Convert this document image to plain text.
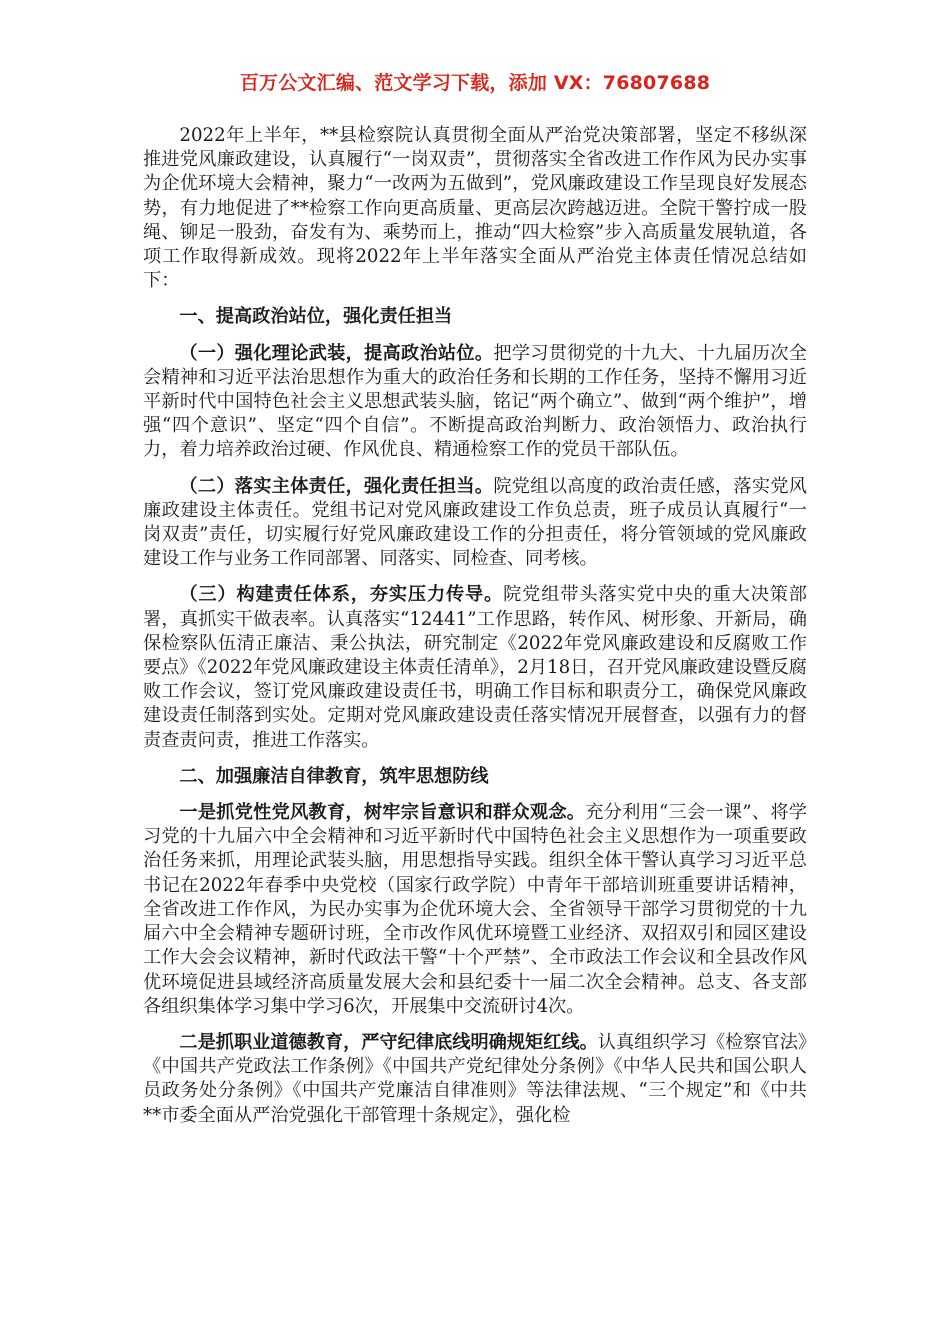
百万公文汇编、范文学习下载，添加 VX：76807688

2022年上半年，**县检察院认真贯彻全面从严治党决策部署，坚定不移纵深推进党风廉政建设，认真履行“一岗双责”，贯彻落实全省改进工作作风为民办实事为企优环境大会精神，聚力“一改两为五做到”，党风廉政建设工作呈现良好发展态势，有力地促进了**检察工作向更高质量、更高层次跨越迈进。全院干警拧成一股绳、铆足一股劲，奋发有为、乘势而上，推动“四大检察”步入高质量发展轨道，各项工作取得新成效。现将2022年上半年落实全面从严治党主体责任情况总结如下：

一、提高政治站位，强化责任担当

（一）强化理论武装，提高政治站位。把学习贯彻党的十九大、十九届历次全会精神和习近平法治思想作为重大的政治任务和长期的工作任务，坚持不懈用习近平新时代中国特色社会主义思想武装头脑，铭记“两个确立”、做到“两个维护”，增强“四个意识”、坚定“四个自信”。不断提高政治判断力、政治领悟力、政治执行力，着力培养政治过硬、作风优良、精通检察工作的党员干部队伍。

（二）落实主体责任，强化责任担当。院党组以高度的政治责任感，落实党风廉政建设主体责任。党组书记对党风廉政建设工作负总责，班子成员认真履行“一岗双责”责任，切实履行好党风廉政建设工作的分担责任，将分管领域的党风廉政建设工作与业务工作同部署、同落实、同检查、同考核。

（三）构建责任体系，夯实压力传导。院党组带头落实党中央的重大决策部署，真抓实干做表率。认真落实“12441”工作思路，转作风、树形象、开新局，确保检察队伍清正廉洁、秉公执法，研究制定《2022年党风廉政建设和反腐败工作要点》《2022年党风廉政建设主体责任清单》，2月18日，召开党风廉政建设暨反腐败工作会议，签订党风廉政建设责任书，明确工作目标和职责分工，确保党风廉政建设责任制落到实处。定期对党风廉政建设责任落实情况开展督查，以强有力的督责查责问责，推进工作落实。

二、加强廉洁自律教育，筑牢思想防线

一是抓党性党风教育，树牢宗旨意识和群众观念。充分利用“三会一课”、将学习党的十九届六中全会精神和习近平新时代中国特色社会主义思想作为一项重要政治任务来抓，用理论武装头脑，用思想指导实践。组织全体干警认真学习习近平总书记在2022年春季中央党校（国家行政学院）中青年干部培训班重要讲话精神，全省改进工作作风，为民办实事为企优环境大会、全省领导干部学习贯彻党的十九届六中全会精神专题研讨班，全市改作风优环境暨工业经济、双招双引和园区建设工作大会会议精神，新时代政法干警“十个严禁”、全市政法工作会议和全县改作风优环境促进县域经济高质量发展大会和县纪委十一届二次全会精神。总支、各支部各组织集体学习集中学习6次，开展集中交流研讨4次。

二是抓职业道德教育，严守纪律底线明确规矩红线。认真组织学习《检察官法》《中国共产党政法工作条例》《中国共产党纪律处分条例》《中华人民共和国公职人员政务处分条例》《中国共产党廉洁自律准则》等法律法规、“三个规定”和《中共**市委全面从严治党强化干部管理十条规定》，强化检
